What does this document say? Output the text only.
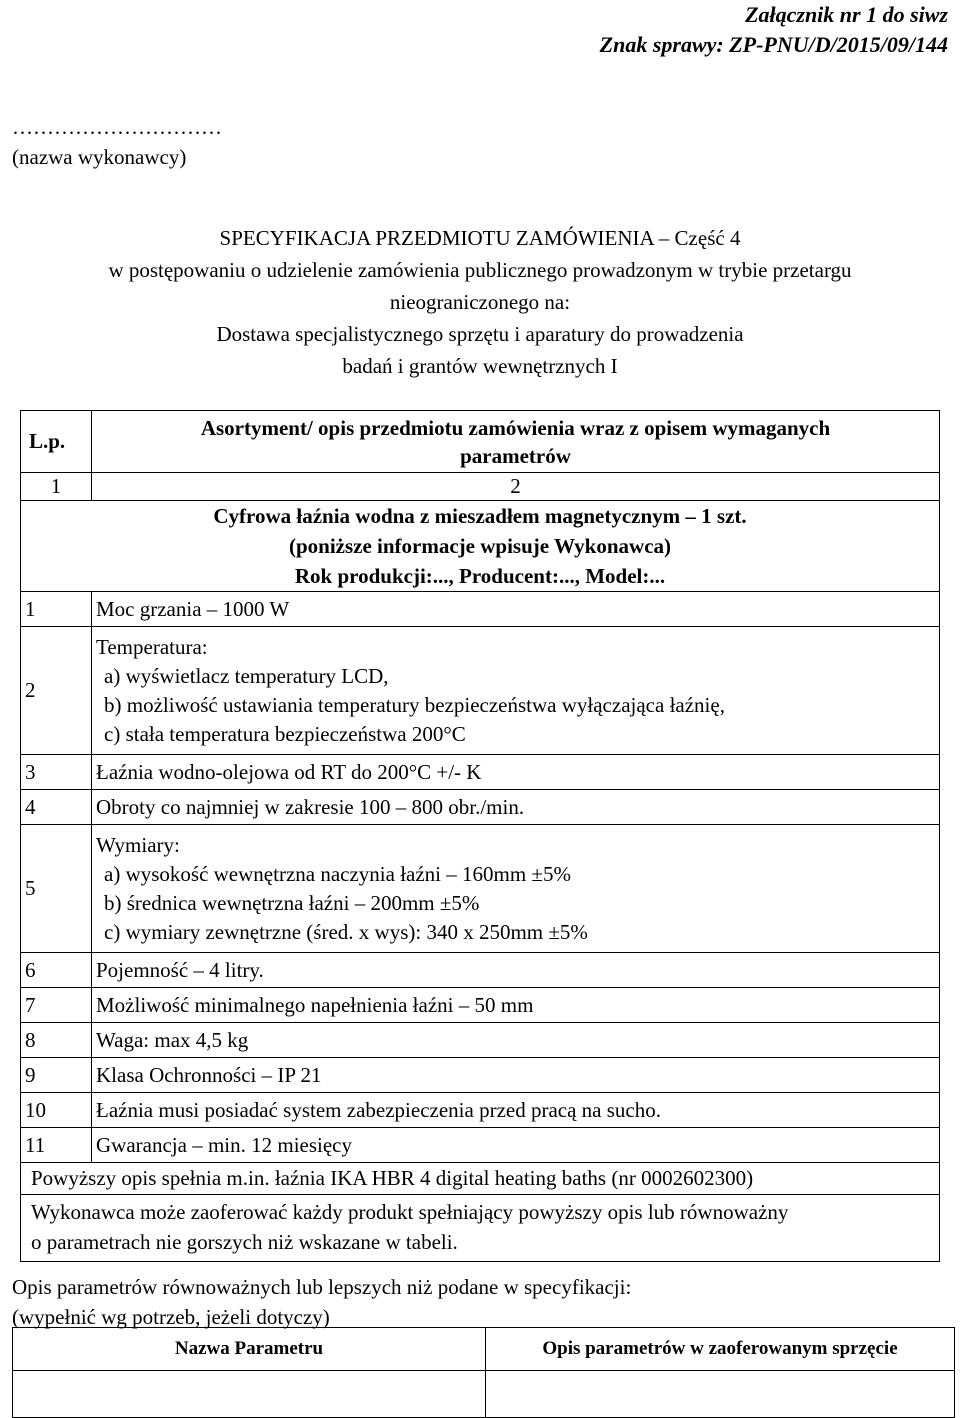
Załącznik nr 1 do siwz
Znak sprawy: ZP-PNU/D/2015/09/144
…………………………
(nazwa wykonawcy)
SPECYFIKACJA PRZEDMIOTU ZAMÓWIENIA – Część 4
w postępowaniu o udzielenie zamówienia publicznego prowadzonym w trybie przetargu
nieograniczonego na:
Dostawa specjalistycznego sprzętu i aparatury do prowadzenia
badań i grantów wewnętrznych I
L.p.	Asortyment/ opis przedmiotu zamówienia wraz z opisem wymaganych
parametrów

1	2

Cyfrowa łaźnia wodna z mieszadłem magnetycznym – 1 szt.
(poniższe informacje wpisuje Wykonawca)
Rok produkcji:..., Producent:..., Model:...	

1	Moc grzania – 1000 W

2	Temperatura:
a) wyświetlacz temperatury LCD,
b) możliwość ustawiania temperatury bezpieczeństwa wyłączająca łaźnię,
c) stała temperatura bezpieczeństwa 200°C

3	Łaźnia wodno-olejowa od RT do 200°C +/- K

4	Obroty co najmniej w zakresie 100 – 800 obr./min.

5	Wymiary:
a) wysokość wewnętrzna naczynia łaźni – 160mm ±5%
b) średnica wewnętrzna łaźni – 200mm ±5%
c) wymiary zewnętrzne (śred. x wys): 340 x 250mm ±5%

6	Pojemność – 4 litry.

7	Możliwość minimalnego napełnienia łaźni – 50 mm

8	Waga: max 4,5 kg

9	Klasa Ochronności – IP 21

10	Łaźnia musi posiadać system zabezpieczenia przed pracą na sucho.

11	Gwarancja – min. 12 miesięcy

Powyższy opis spełnia m.in. łaźnia IKA HBR 4 digital heating baths (nr 0002602300)	

Wykonawca może zaoferować każdy produkt spełniający powyższy opis lub równoważny
o parametrach nie gorszych niż wskazane w tabeli.	
Opis parametrów równoważnych lub lepszych niż podane w specyfikacji:
(wypełnić wg potrzeb, jeżeli dotyczy)
Nazwa Parametru	Opis parametrów w zaoferowanym sprzęcie
